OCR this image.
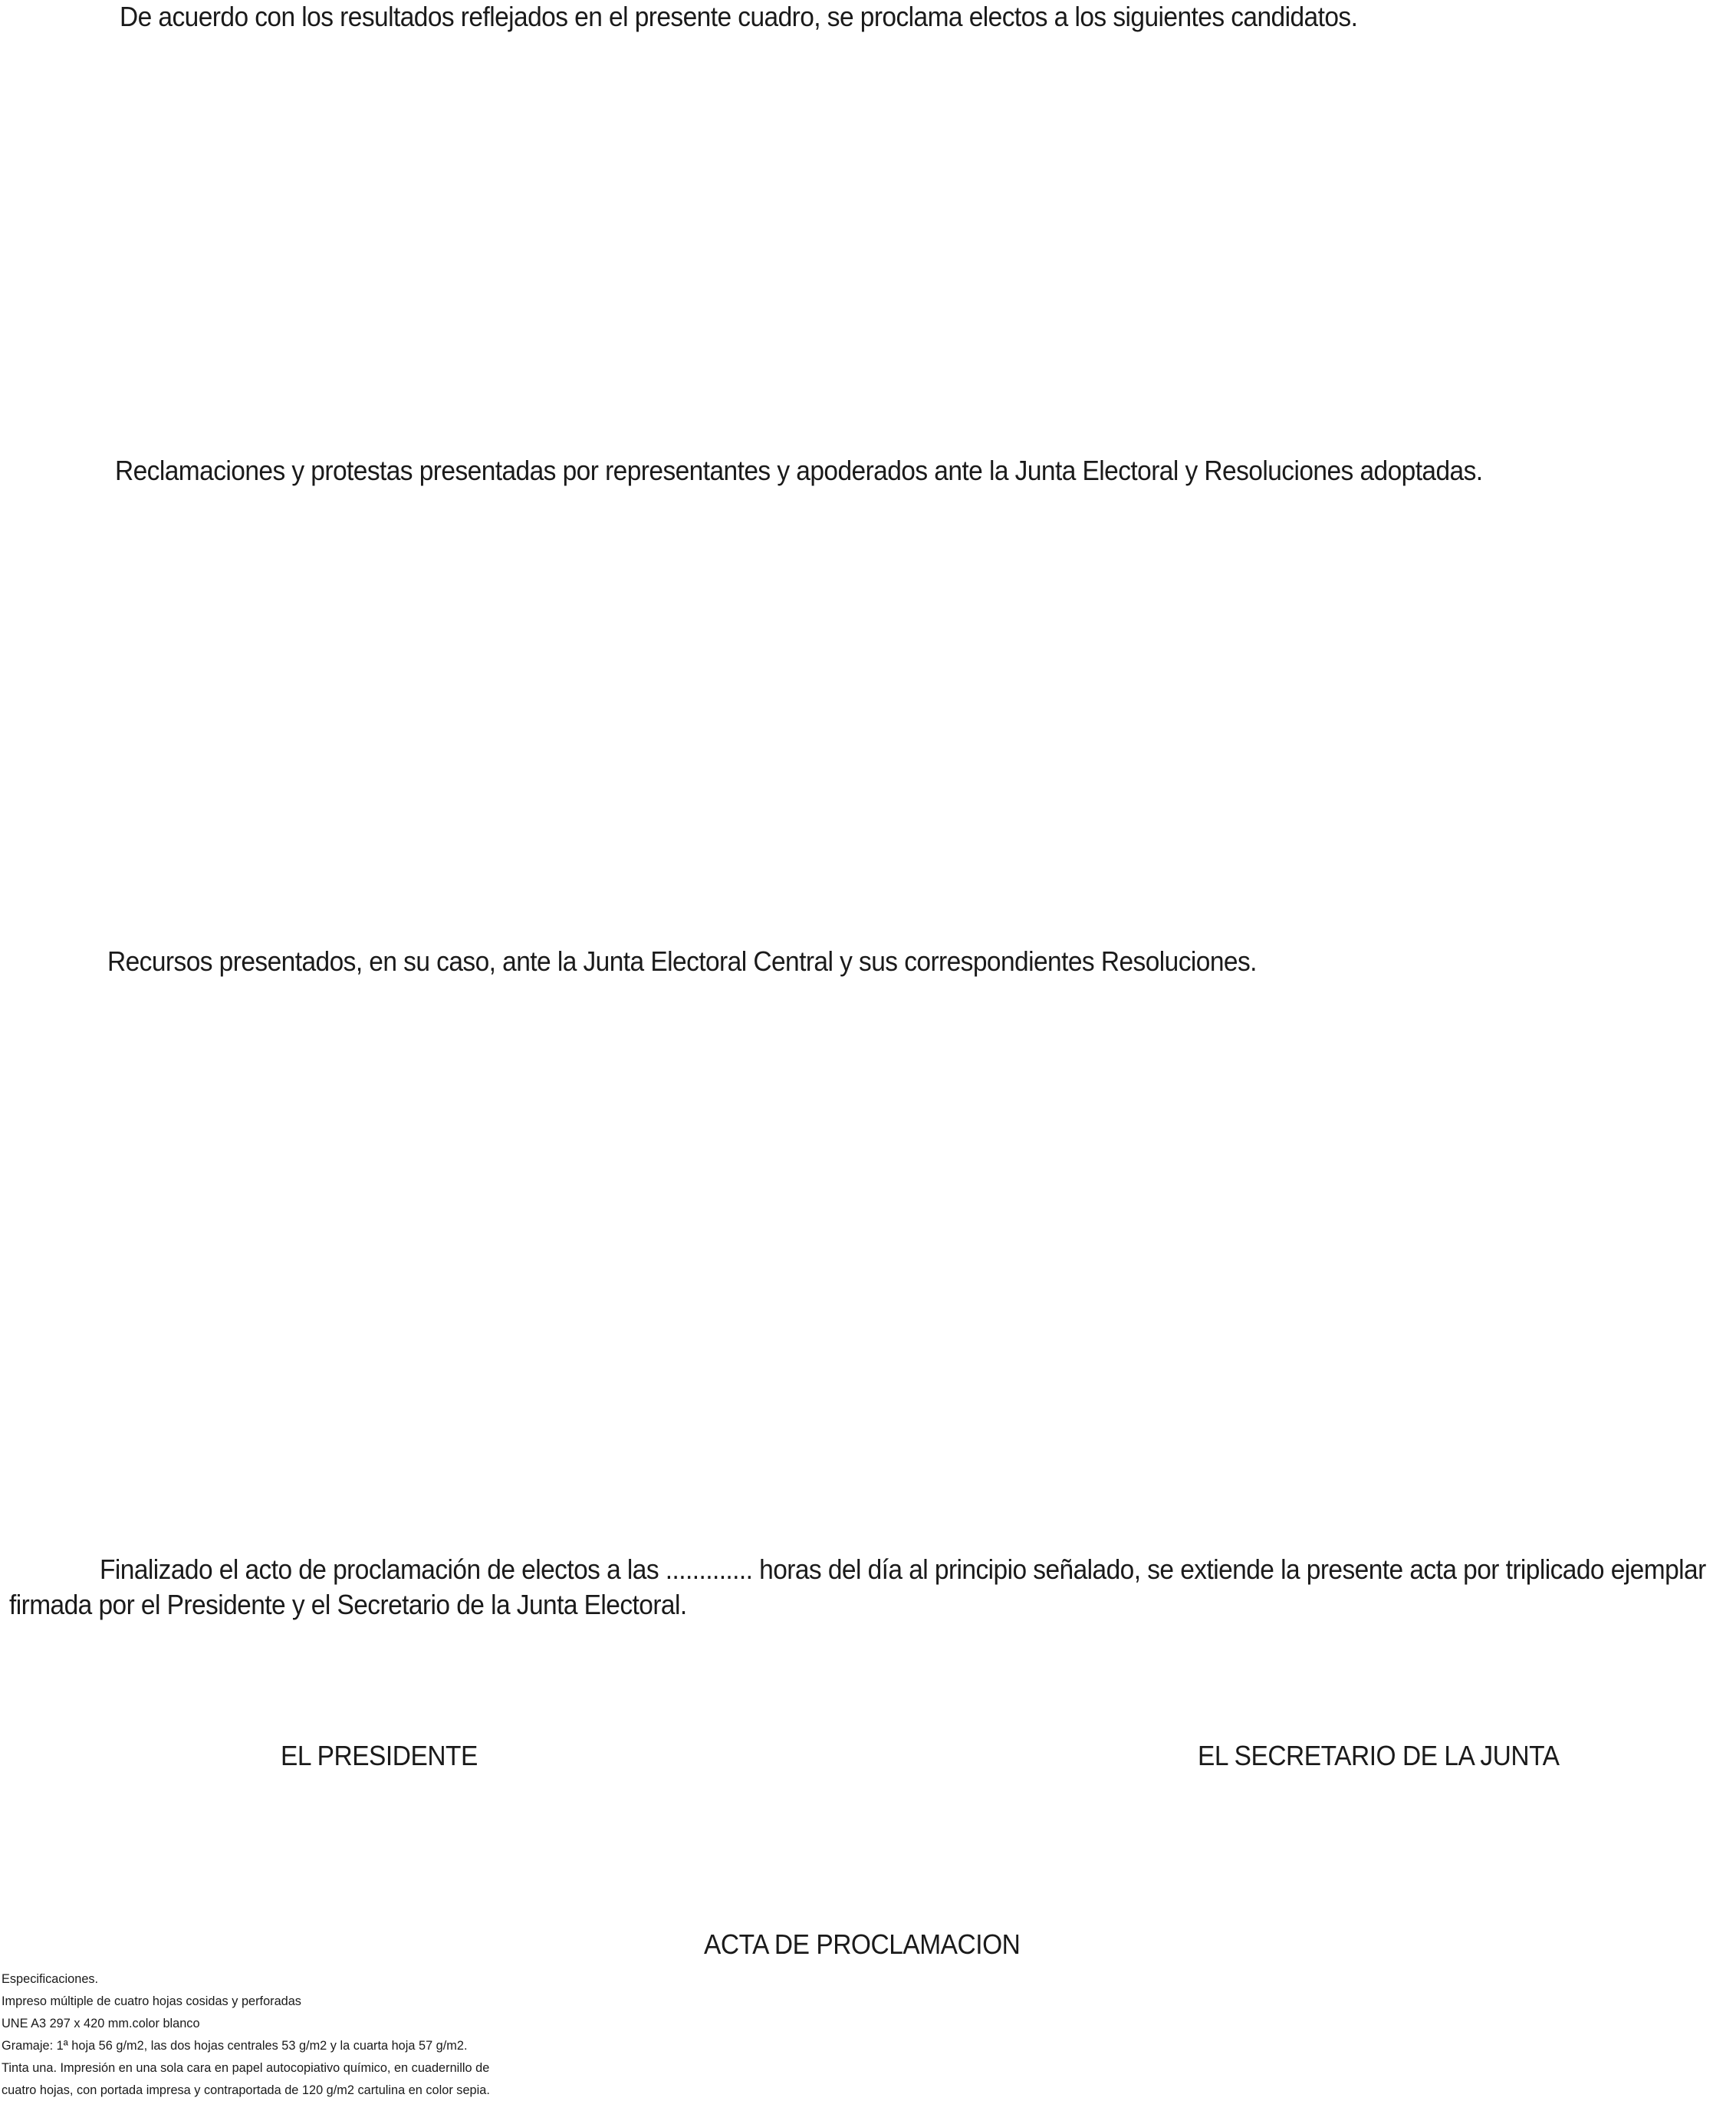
De acuerdo con los resultados reflejados en el presente cuadro, se proclama electos a los siguientes candidatos.
Reclamaciones y protestas presentadas por representantes y apoderados ante la Junta Electoral y Resoluciones adoptadas.
Recursos presentados, en su caso, ante la Junta Electoral Central y sus correspondientes Resoluciones.
Finalizado el acto de proclamación de electos a las ............. horas del día al principio señalado, se extiende la presente acta por triplicado ejemplar
firmada por el Presidente y el Secretario de la Junta Electoral.
EL PRESIDENTE	EL SECRETARIO DE LA JUNTA
ACTA DE PROCLAMACION
Especificaciones.
Impreso múltiple de cuatro hojas cosidas y perforadas
UNE A3 297 x 420 mm.color blanco
Gramaje: 1ª hoja 56 g/m2, las dos hojas centrales 53 g/m2 y la cuarta hoja 57 g/m2.
Tinta una. Impresión en una sola cara en papel autocopiativo químico, en cuadernillo de
cuatro hojas, con portada impresa y contraportada de 120 g/m2 cartulina en color sepia.
